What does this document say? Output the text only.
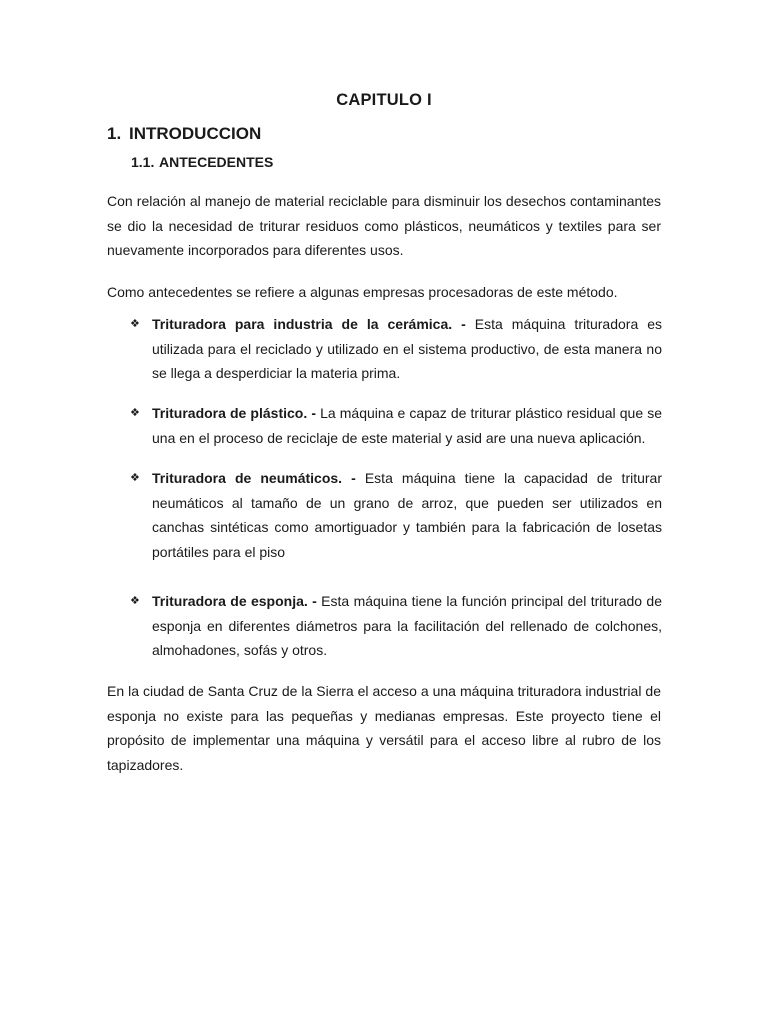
CAPITULO I
1. INTRODUCCION
1.1. ANTECEDENTES

Con relación al manejo de material reciclable para disminuir los desechos contaminantes se dio la necesidad de triturar residuos como plásticos, neumáticos y textiles para ser nuevamente incorporados para diferentes usos.

Como antecedentes se refiere a algunas empresas procesadoras de este método.

❖ Trituradora para industria de la cerámica. - Esta máquina trituradora es utilizada para el reciclado y utilizado en el sistema productivo, de esta manera no se llega a desperdiciar la materia prima.
❖ Trituradora de plástico. - La máquina e capaz de triturar plástico residual que se una en el proceso de reciclaje de este material y asid are una nueva aplicación.
❖ Trituradora de neumáticos. - Esta máquina tiene la capacidad de triturar neumáticos al tamaño de un grano de arroz, que pueden ser utilizados en canchas sintéticas como amortiguador y también para la fabricación de losetas portátiles para el piso
❖ Trituradora de esponja. - Esta máquina tiene la función principal del triturado de esponja en diferentes diámetros para la facilitación del rellenado de colchones, almohadones, sofás y otros.

En la ciudad de Santa Cruz de la Sierra el acceso a una máquina trituradora industrial de esponja no existe para las pequeñas y medianas empresas. Este proyecto tiene el propósito de implementar una máquina y versátil para el acceso libre al rubro de los tapizadores.
